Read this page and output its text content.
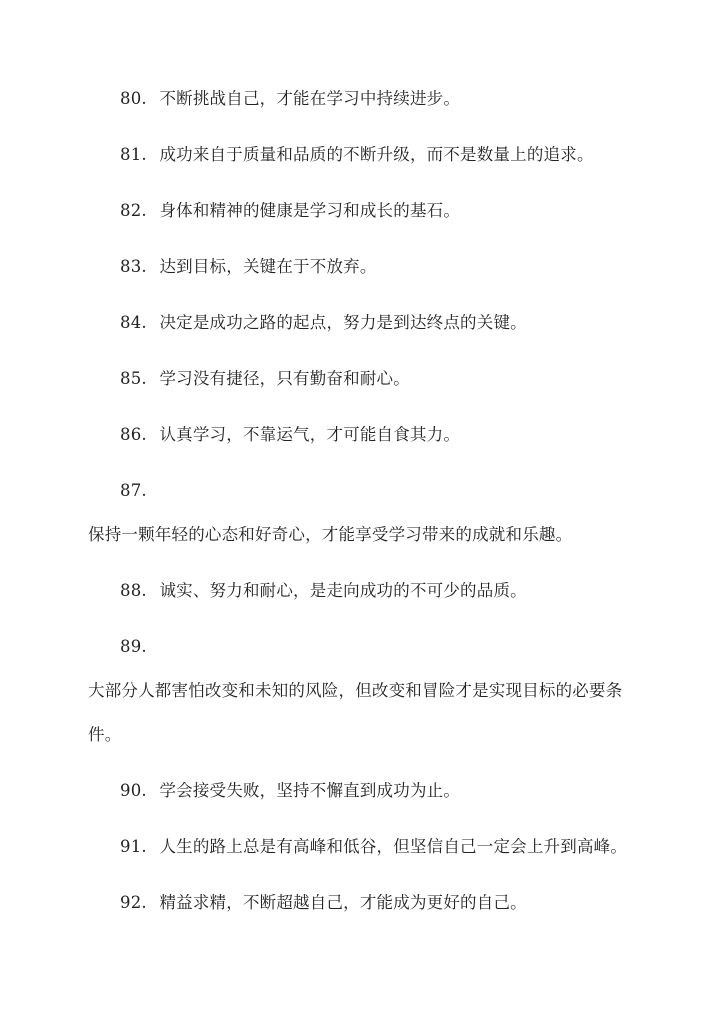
80. 不断挑战自己，才能在学习中持续进步。
81. 成功来自于质量和品质的不断升级，而不是数量上的追求。
82. 身体和精神的健康是学习和成长的基石。
83. 达到目标，关键在于不放弃。
84. 决定是成功之路的起点，努力是到达终点的关键。
85. 学习没有捷径，只有勤奋和耐心。
86. 认真学习，不靠运气，才可能自食其力。
87.
保持一颗年轻的心态和好奇心，才能享受学习带来的成就和乐趣。
88. 诚实、努力和耐心，是走向成功的不可少的品质。
89.
大部分人都害怕改变和未知的风险，但改变和冒险才是实现目标的必要条
件。
90. 学会接受失败，坚持不懈直到成功为止。
91. 人生的路上总是有高峰和低谷，但坚信自己一定会上升到高峰。
92. 精益求精，不断超越自己，才能成为更好的自己。
